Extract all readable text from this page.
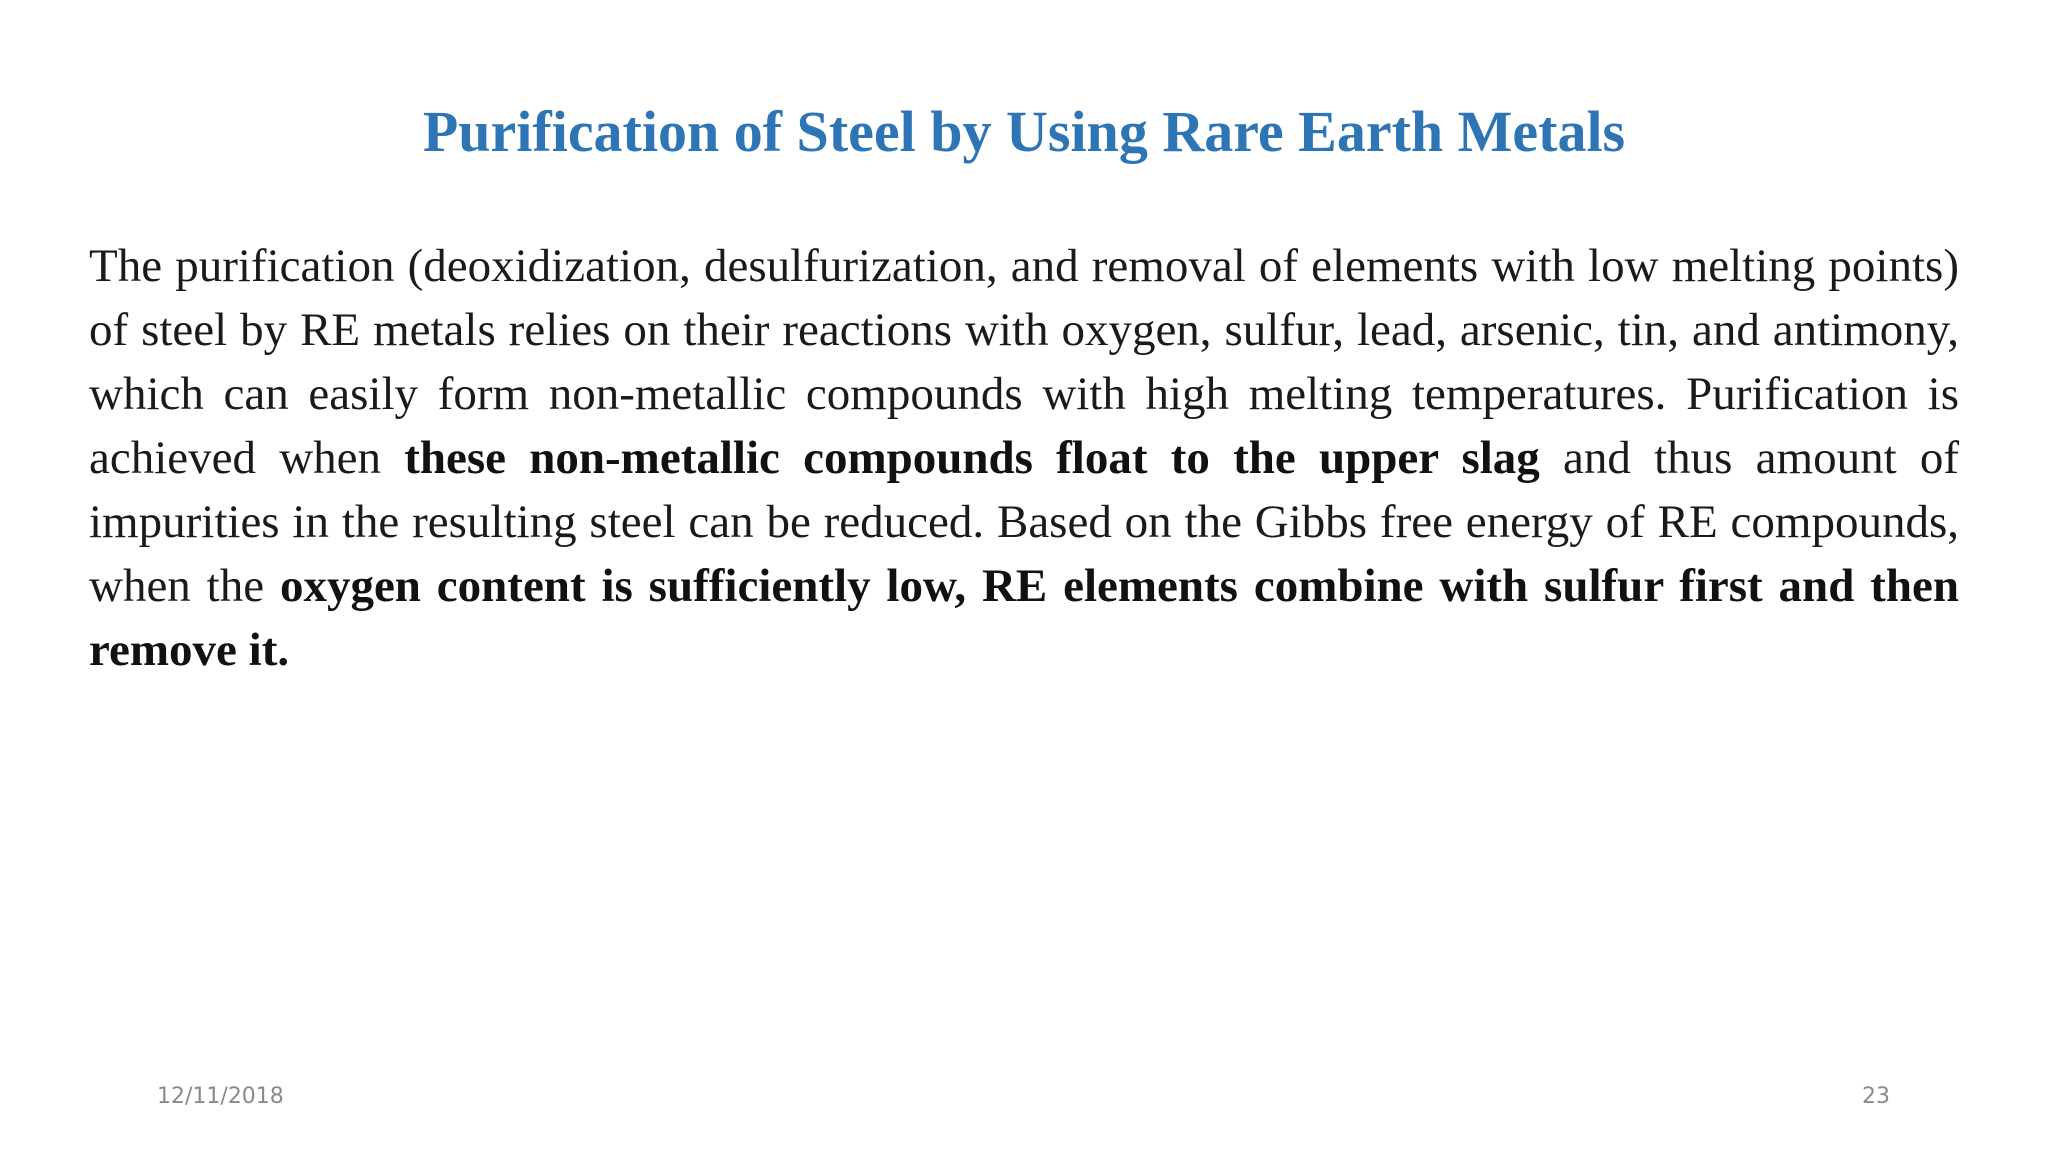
Purification of Steel by Using Rare Earth Metals
The purification (deoxidization, desulfurization, and removal of elements with low melting points) of steel by RE metals relies on their reactions with oxygen, sulfur, lead, arsenic, tin, and antimony, which can easily form non-metallic compounds with high melting temperatures. Purification is achieved when these non-metallic compounds float to the upper slag and thus amount of impurities in the resulting steel can be reduced. Based on the Gibbs free energy of RE compounds, when the oxygen content is sufficiently low, RE elements combine with sulfur first and then remove it.
12/11/2018	23
